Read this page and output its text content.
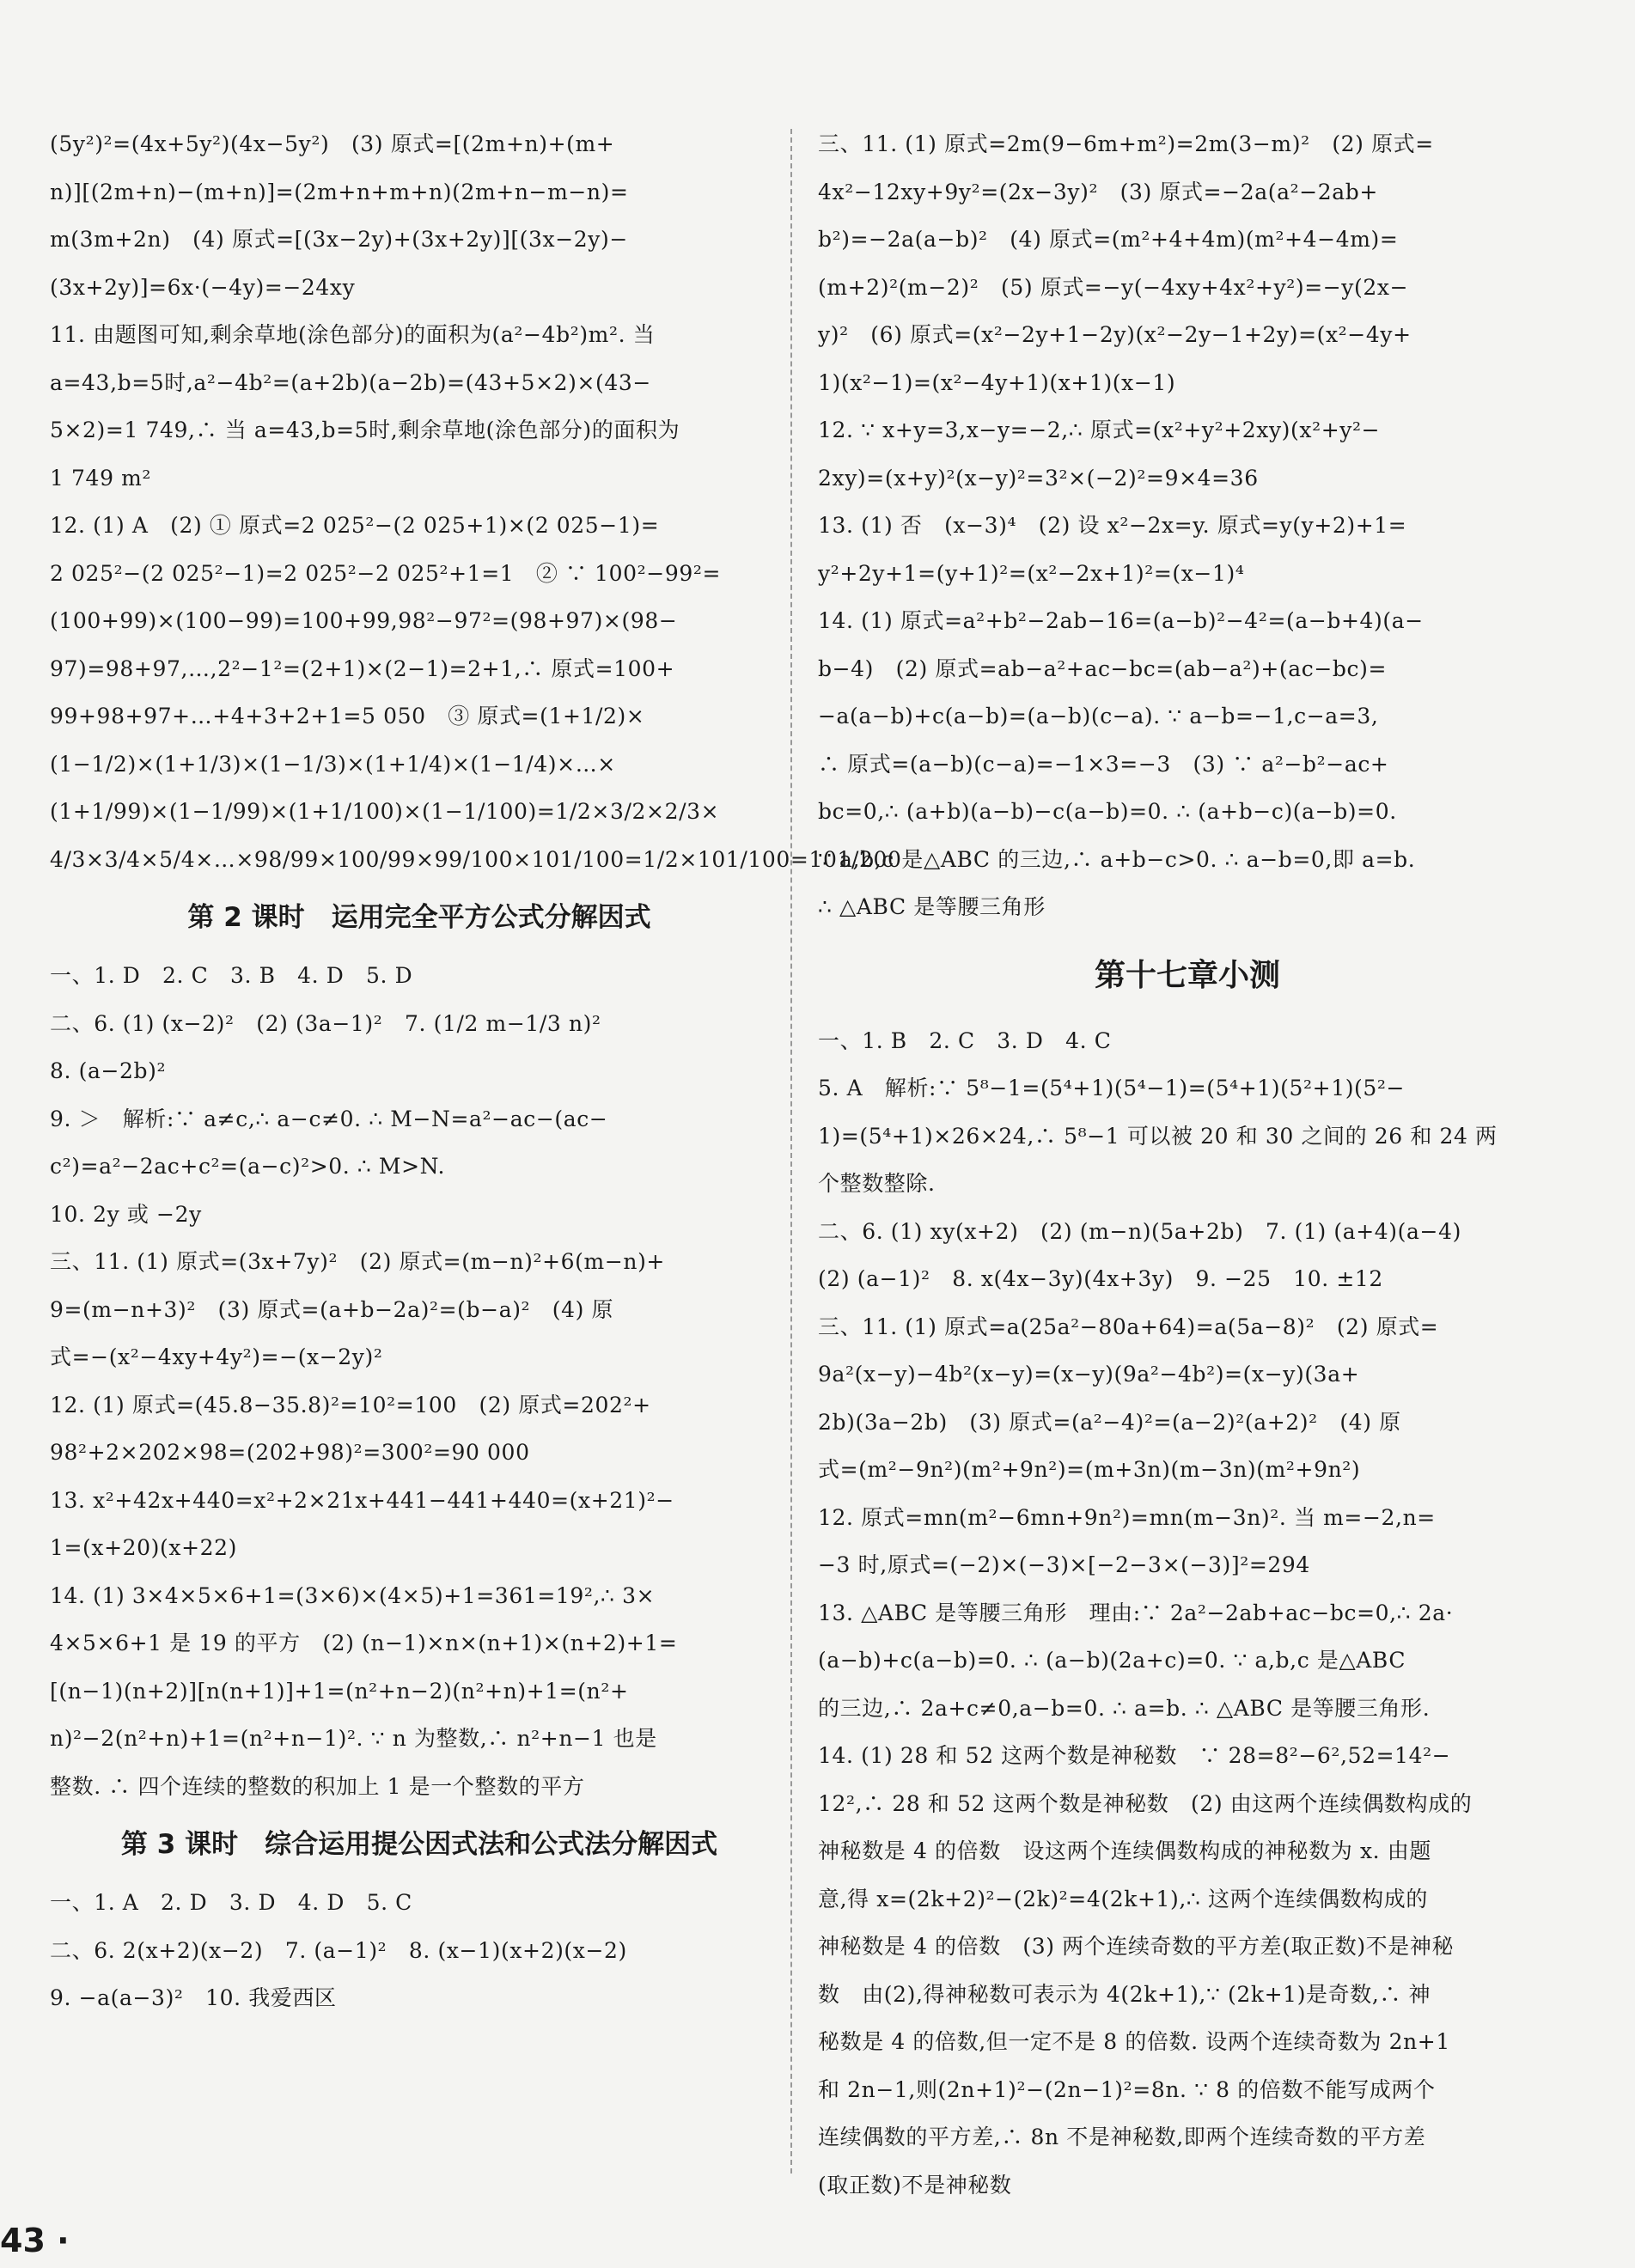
(5y²)²=(4x+5y²)(4x−5y²)　(3) 原式=[(2m+n)+(m+
n)][(2m+n)−(m+n)]=(2m+n+m+n)(2m+n−m−n)=
m(3m+2n)　(4) 原式=[(3x−2y)+(3x+2y)][(3x−2y)−
(3x+2y)]=6x·(−4y)=−24xy
11. 由题图可知,剩余草地(涂色部分)的面积为(a²−4b²)m². 当
a=43,b=5时,a²−4b²=(a+2b)(a−2b)=(43+5×2)×(43−
5×2)=1 749,∴ 当 a=43,b=5时,剩余草地(涂色部分)的面积为
1 749 m²
12. (1) A　(2) ① 原式=2 025²−(2 025+1)×(2 025−1)=
2 025²−(2 025²−1)=2 025²−2 025²+1=1　② ∵ 100²−99²=
(100+99)×(100−99)=100+99,98²−97²=(98+97)×(98−
97)=98+97,…,2²−1²=(2+1)×(2−1)=2+1,∴ 原式=100+
99+98+97+…+4+3+2+1=5 050　③ 原式=(1+1/2)×
(1−1/2)×(1+1/3)×(1−1/3)×(1+1/4)×(1−1/4)×…×
(1+1/99)×(1−1/99)×(1+1/100)×(1−1/100)=1/2×3/2×2/3×
4/3×3/4×5/4×…×98/99×100/99×99/100×101/100=1/2×101/100=101/200
第 2 课时　运用完全平方公式分解因式
一、1. D　2. C　3. B　4. D　5. D
二、6. (1) (x−2)²　(2) (3a−1)²　7. (1/2 m−1/3 n)²
8. (a−2b)²
9. ＞　解析:∵ a≠c,∴ a−c≠0. ∴ M−N=a²−ac−(ac−
c²)=a²−2ac+c²=(a−c)²>0. ∴ M>N.
10. 2y 或 −2y
三、11. (1) 原式=(3x+7y)²　(2) 原式=(m−n)²+6(m−n)+
9=(m−n+3)²　(3) 原式=(a+b−2a)²=(b−a)²　(4) 原
式=−(x²−4xy+4y²)=−(x−2y)²
12. (1) 原式=(45.8−35.8)²=10²=100　(2) 原式=202²+
98²+2×202×98=(202+98)²=300²=90 000
13. x²+42x+440=x²+2×21x+441−441+440=(x+21)²−
1=(x+20)(x+22)
14. (1) 3×4×5×6+1=(3×6)×(4×5)+1=361=19²,∴ 3×
4×5×6+1 是 19 的平方　(2) (n−1)×n×(n+1)×(n+2)+1=
[(n−1)(n+2)][n(n+1)]+1=(n²+n−2)(n²+n)+1=(n²+
n)²−2(n²+n)+1=(n²+n−1)². ∵ n 为整数,∴ n²+n−1 也是
整数. ∴ 四个连续的整数的积加上 1 是一个整数的平方
第 3 课时　综合运用提公因式法和公式法分解因式
一、1. A　2. D　3. D　4. D　5. C
二、6. 2(x+2)(x−2)　7. (a−1)²　8. (x−1)(x+2)(x−2)
9. −a(a−3)²　10. 我爱西区
三、11. (1) 原式=2m(9−6m+m²)=2m(3−m)²　(2) 原式=
4x²−12xy+9y²=(2x−3y)²　(3) 原式=−2a(a²−2ab+
b²)=−2a(a−b)²　(4) 原式=(m²+4+4m)(m²+4−4m)=
(m+2)²(m−2)²　(5) 原式=−y(−4xy+4x²+y²)=−y(2x−
y)²　(6) 原式=(x²−2y+1−2y)(x²−2y−1+2y)=(x²−4y+
1)(x²−1)=(x²−4y+1)(x+1)(x−1)
12. ∵ x+y=3,x−y=−2,∴ 原式=(x²+y²+2xy)(x²+y²−
2xy)=(x+y)²(x−y)²=3²×(−2)²=9×4=36
13. (1) 否　(x−3)⁴　(2) 设 x²−2x=y. 原式=y(y+2)+1=
y²+2y+1=(y+1)²=(x²−2x+1)²=(x−1)⁴
14. (1) 原式=a²+b²−2ab−16=(a−b)²−4²=(a−b+4)(a−
b−4)　(2) 原式=ab−a²+ac−bc=(ab−a²)+(ac−bc)=
−a(a−b)+c(a−b)=(a−b)(c−a). ∵ a−b=−1,c−a=3,
∴ 原式=(a−b)(c−a)=−1×3=−3　(3) ∵ a²−b²−ac+
bc=0,∴ (a+b)(a−b)−c(a−b)=0. ∴ (a+b−c)(a−b)=0.
∵ a,b,c 是△ABC 的三边,∴ a+b−c>0. ∴ a−b=0,即 a=b.
∴ △ABC 是等腰三角形
第十七章小测
一、1. B　2. C　3. D　4. C
5. A　解析:∵ 5⁸−1=(5⁴+1)(5⁴−1)=(5⁴+1)(5²+1)(5²−
1)=(5⁴+1)×26×24,∴ 5⁸−1 可以被 20 和 30 之间的 26 和 24 两
个整数整除.
二、6. (1) xy(x+2)　(2) (m−n)(5a+2b)　7. (1) (a+4)(a−4)
(2) (a−1)²　8. x(4x−3y)(4x+3y)　9. −25　10. ±12
三、11. (1) 原式=a(25a²−80a+64)=a(5a−8)²　(2) 原式=
9a²(x−y)−4b²(x−y)=(x−y)(9a²−4b²)=(x−y)(3a+
2b)(3a−2b)　(3) 原式=(a²−4)²=(a−2)²(a+2)²　(4) 原
式=(m²−9n²)(m²+9n²)=(m+3n)(m−3n)(m²+9n²)
12. 原式=mn(m²−6mn+9n²)=mn(m−3n)². 当 m=−2,n=
−3 时,原式=(−2)×(−3)×[−2−3×(−3)]²=294
13. △ABC 是等腰三角形　理由:∵ 2a²−2ab+ac−bc=0,∴ 2a·
(a−b)+c(a−b)=0. ∴ (a−b)(2a+c)=0. ∵ a,b,c 是△ABC
的三边,∴ 2a+c≠0,a−b=0. ∴ a=b. ∴ △ABC 是等腰三角形.
14. (1) 28 和 52 这两个数是神秘数　∵ 28=8²−6²,52=14²−
12²,∴ 28 和 52 这两个数是神秘数　(2) 由这两个连续偶数构成的
神秘数是 4 的倍数　设这两个连续偶数构成的神秘数为 x. 由题
意,得 x=(2k+2)²−(2k)²=4(2k+1),∴ 这两个连续偶数构成的
神秘数是 4 的倍数　(3) 两个连续奇数的平方差(取正数)不是神秘
数　由(2),得神秘数可表示为 4(2k+1),∵ (2k+1)是奇数,∴ 神
秘数是 4 的倍数,但一定不是 8 的倍数. 设两个连续奇数为 2n+1
和 2n−1,则(2n+1)²−(2n−1)²=8n. ∵ 8 的倍数不能写成两个
连续偶数的平方差,∴ 8n 不是神秘数,即两个连续奇数的平方差
(取正数)不是神秘数
43 ·
